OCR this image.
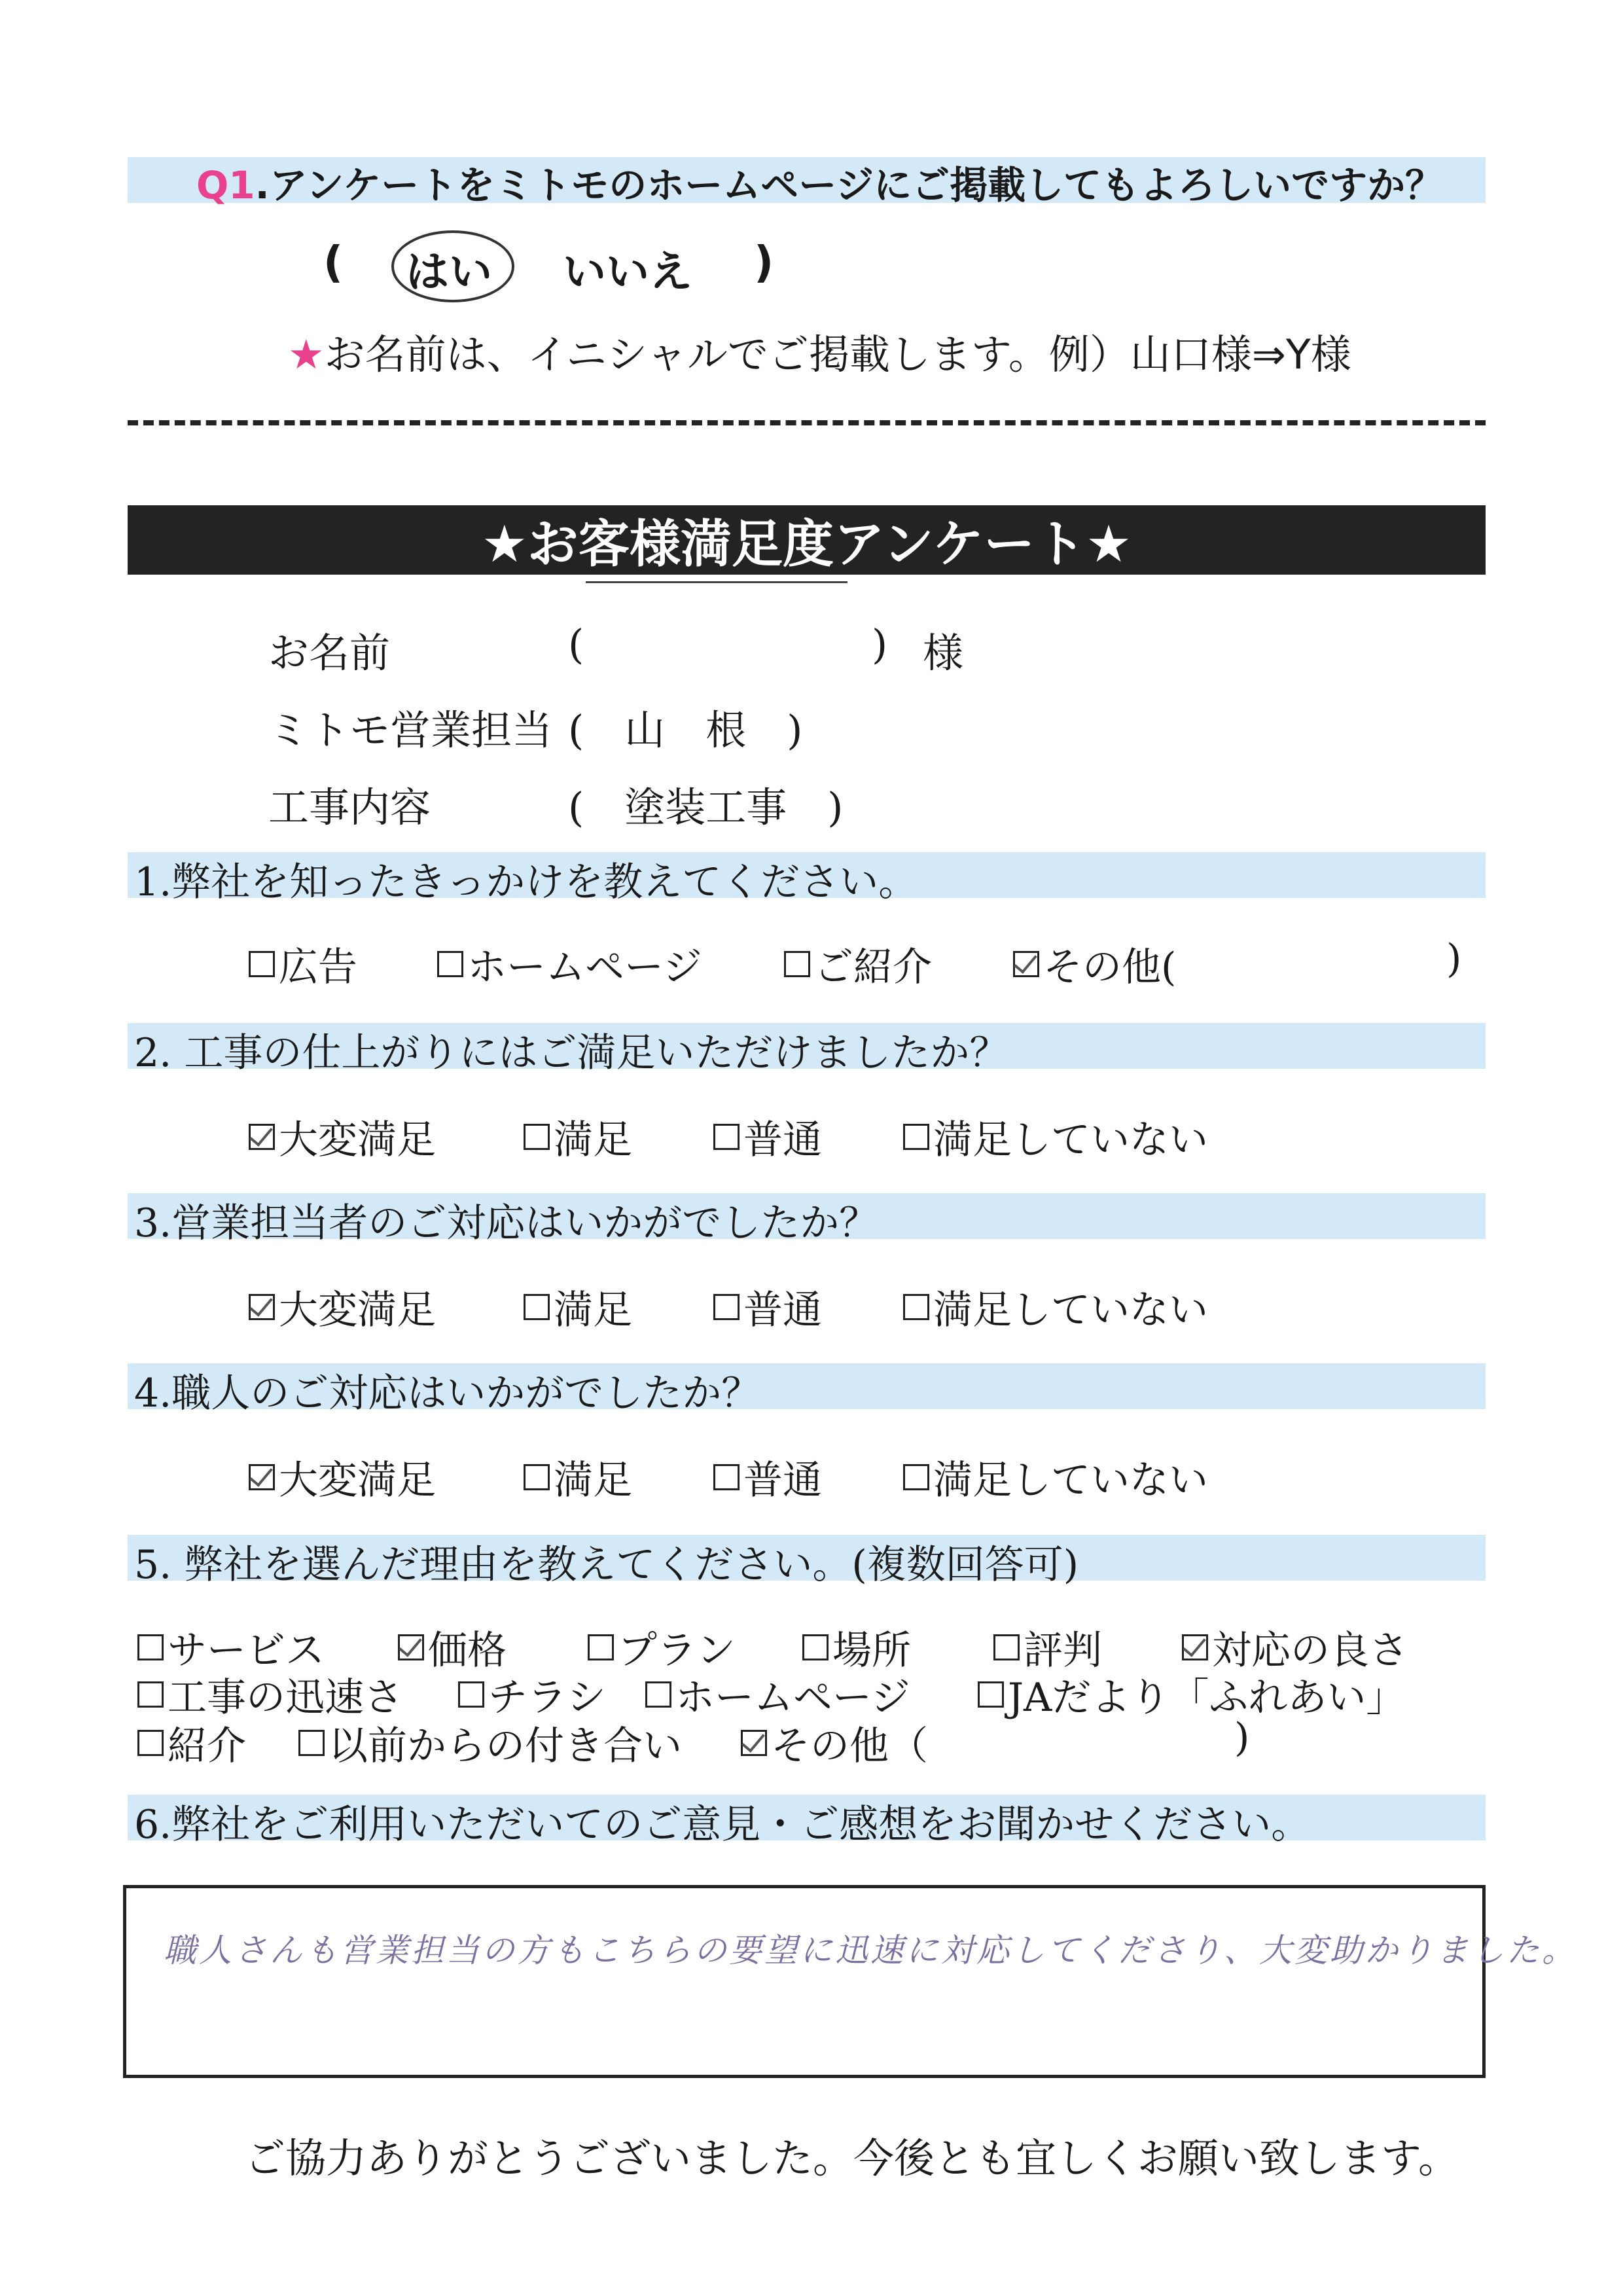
Q1.アンケートをミトモのホームページにご掲載してもよろしいですか？
( はい いいえ )
★お名前は、イニシャルでご掲載します。例）山口様⇒Y様
★お客様満足度アンケート★
お名前	(	) 様
ミトモ営業担当 (　山　根　)
工事内容	(　塗装工事　)
1.弊社を知ったきっかけを教えてください。
広告	ホームページ	ご紹介	その他(	)
2. 工事の仕上がりにはご満足いただけましたか？
大変満足	満足	普通	満足していない
3.営業担当者のご対応はいかがでしたか？
大変満足	満足	普通	満足していない
4.職人のご対応はいかがでしたか？
大変満足	満足	普通	満足していない
5. 弊社を選んだ理由を教えてください。(複数回答可)
サービス	価格	プラン 場所	評判	対応の良さ
工事の迅速さ チラシ ホームページ JAだより「ふれあい」
紹介 以前からの付き合い その他（	)
6.弊社をご利用いただいてのご意見・ご感想をお聞かせください。
職人さんも営業担当の方もこちらの要望に迅速に対応してくださり、大変助かりました。
ご協力ありがとうございました。今後とも宜しくお願い致します。
